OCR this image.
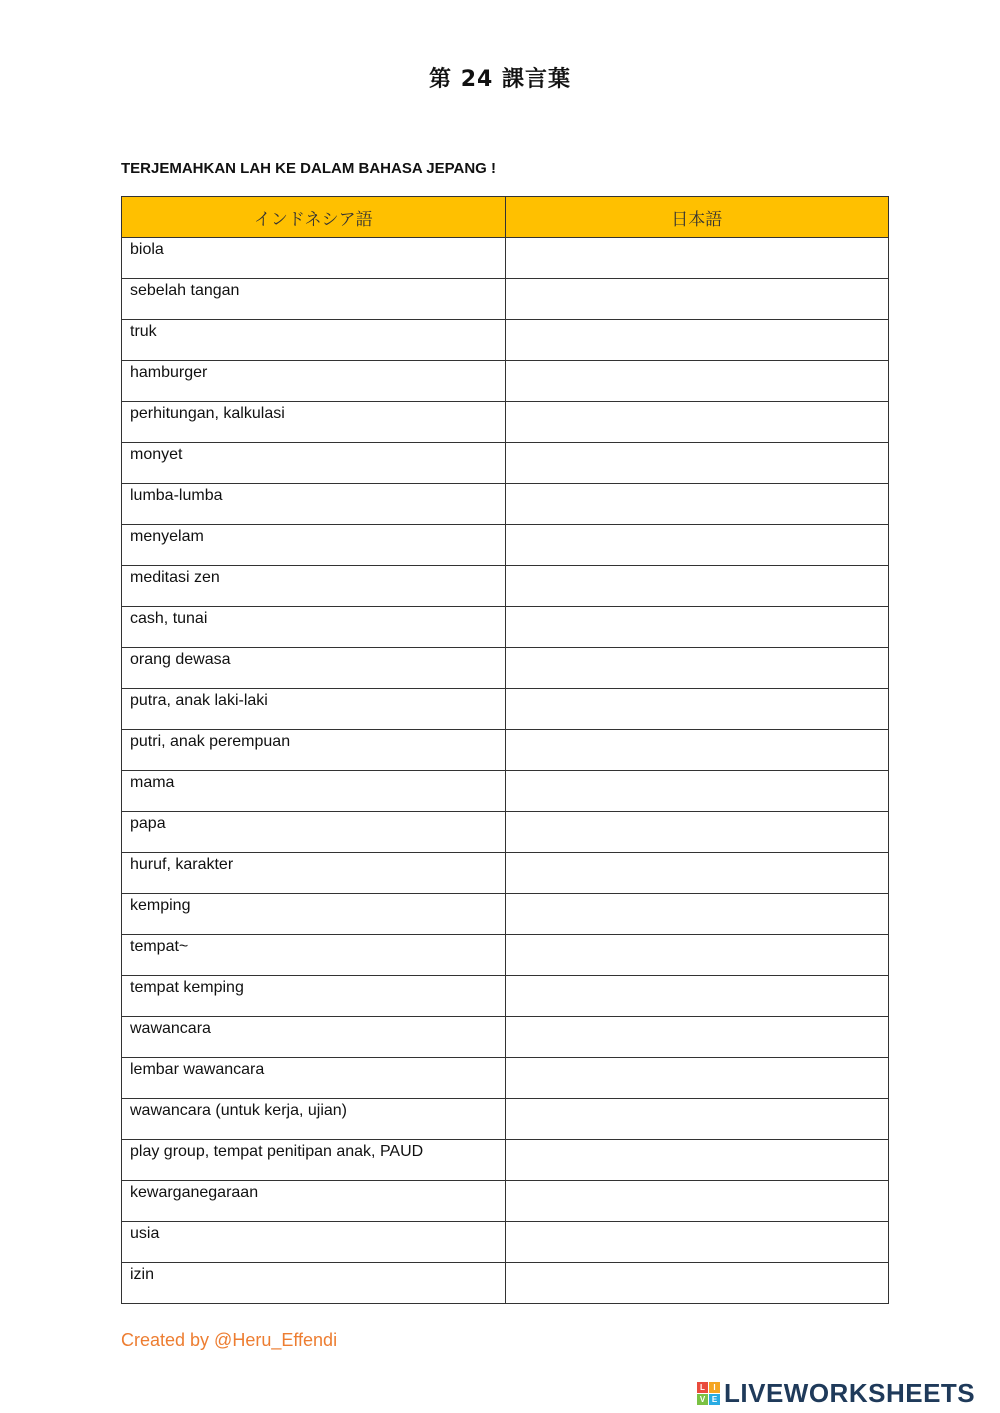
第 24 課言葉
TERJEMAHKAN LAH KE DALAM BAHASA JEPANG !
インドネシア語	日本語
biola	
sebelah tangan	
truk	
hamburger	
perhitungan, kalkulasi	
monyet	
lumba-lumba	
menyelam	
meditasi zen	
cash, tunai	
orang dewasa	
putra, anak laki-laki	
putri, anak perempuan	
mama	
papa	
huruf, karakter	
kemping	
tempat~	
tempat kemping	
wawancara	
lembar wawancara	
wawancara (untuk kerja, ujian)	
play group, tempat penitipan anak, PAUD	
kewarganegaraan	
usia	
izin	
Created by @Heru_Effendi
L	I
V E LIVEWORKSHEETS
